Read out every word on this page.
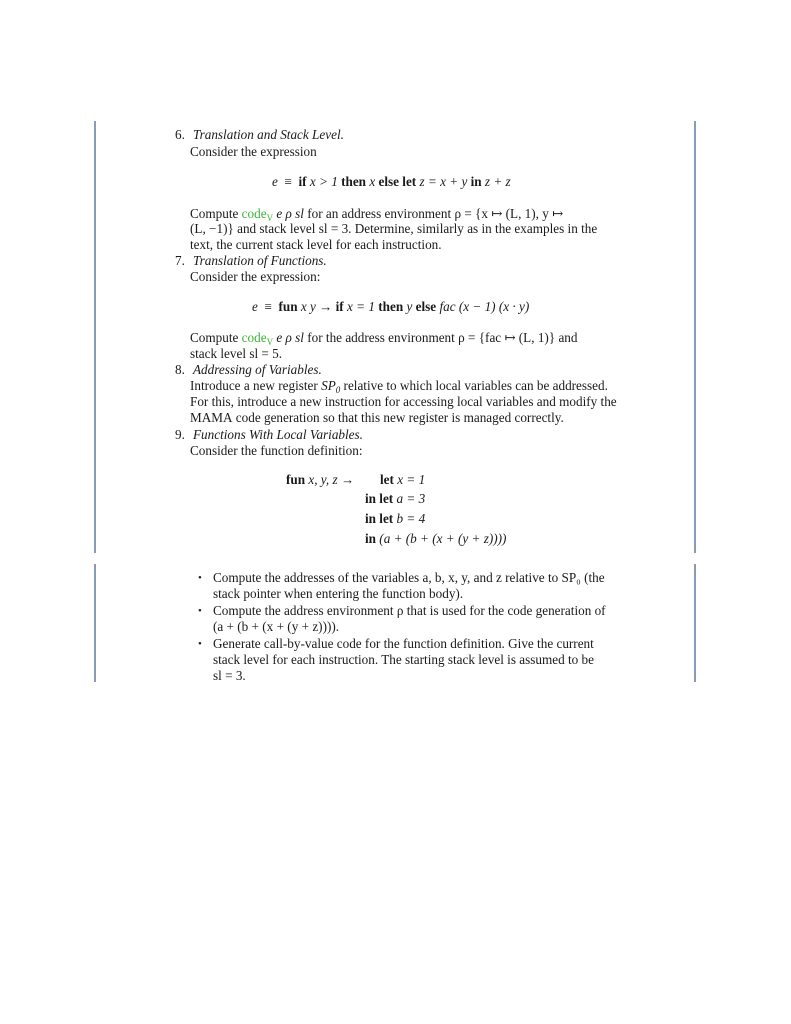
6. Translation and Stack Level.
Consider the expression
e ≡ if x > 1 then x else let z = x + y in z + z
Compute code$_V$ e ρ sl for an address environment ρ = {x ↦ (L, 1), y ↦
(L, −1)} and stack level sl = 3. Determine, similarly as in the examples in the
text, the current stack level for each instruction.
7. Translation of Functions.
Consider the expression:
e ≡ fun x y → if x = 1 then y else fac (x − 1) (x · y)
Compute code$_V$ e ρ sl for the address environment ρ = {fac ↦ (L, 1)} and
stack level sl = 5.
8. Addressing of Variables.
Introduce a new register $SP_0$ relative to which local variables can be addressed.
For this, introduce a new instruction for accessing local variables and modify the
MAMA code generation so that this new register is managed correctly.
9. Functions With Local Variables.
Consider the function definition:
fun x, y, z → let x = 1
in let a = 3
in let b = 4
in (a + (b + (x + (y + z))))
• Compute the addresses of the variables a, b, x, y, and z relative to SP₀ (the
stack pointer when entering the function body).
• Compute the address environment ρ that is used for the code generation of
(a + (b + (x + (y + z)))).
• Generate call-by-value code for the function definition. Give the current
stack level for each instruction. The starting stack level is assumed to be
sl = 3.
